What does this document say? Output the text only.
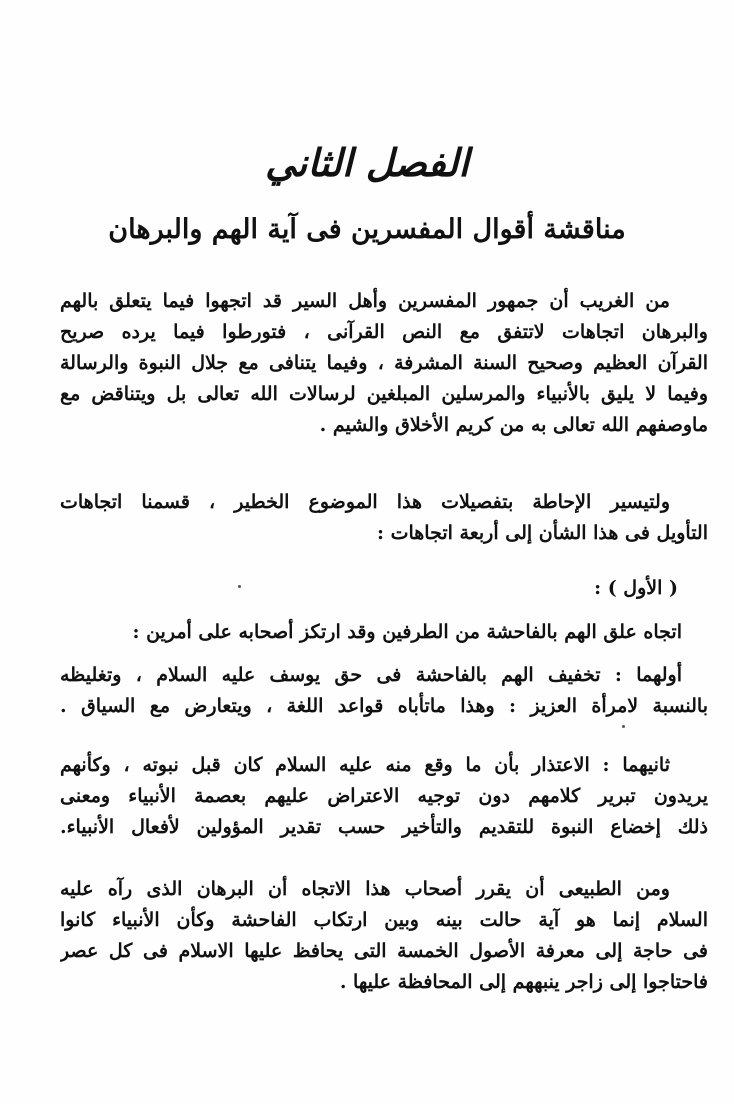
الفصل الثاني
مناقشة أقوال المفسرين فى آية الهم والبرهان
من الغريب أن جمهور المفسرين وأهل السير قد اتجهوا فيما يتعلق بالهم
والبرهان اتجاهات لاتتفق مع النص القرآنى ، فتورطوا فيما يرده صريح
القرآن العظيم وصحيح السنة المشرفة ، وفيما يتنافى مع جلال النبوة والرسالة
وفيما لا يليق بالأنبياء والمرسلين المبلغين لرسالات الله تعالى بل ويتناقض مع
ماوصفهم الله تعالى به من كريم الأخلاق والشيم .
ولتيسير الإحاطة بتفصيلات هذا الموضوع الخطير ، قسمنا اتجاهات
التأويل فى هذا الشأن إلى أربعة اتجاهات :
( الأول ) :
اتجاه علق الهم بالفاحشة من الطرفين وقد ارتكز أصحابه على أمرين :
أولهما : تخفيف الهم بالفاحشة فى حق يوسف عليه السلام ، وتغليظه
بالنسبة لامرأة العزيز : وهذا ماتأباه قواعد اللغة ، ويتعارض مع السياق .
ثانيهما : الاعتذار بأن ما وقع منه عليه السلام كان قبل نبوته ، وكأنهم
يريدون تبرير كلامهم دون توجيه الاعتراض عليهم بعصمة الأنبياء ومعنى
ذلك إخضاع النبوة للتقديم والتأخير حسب تقدير المؤولين لأفعال الأنبياء.
ومن الطبيعى أن يقرر أصحاب هذا الاتجاه أن البرهان الذى رآه عليه
السلام إنما هو آية حالت بينه وبين ارتكاب الفاحشة وكأن الأنبياء كانوا
فى حاجة إلى معرفة الأصول الخمسة التى يحافظ عليها الاسلام فى كل عصر
فاحتاجوا إلى زاجر ينبههم إلى المحافظة عليها .
